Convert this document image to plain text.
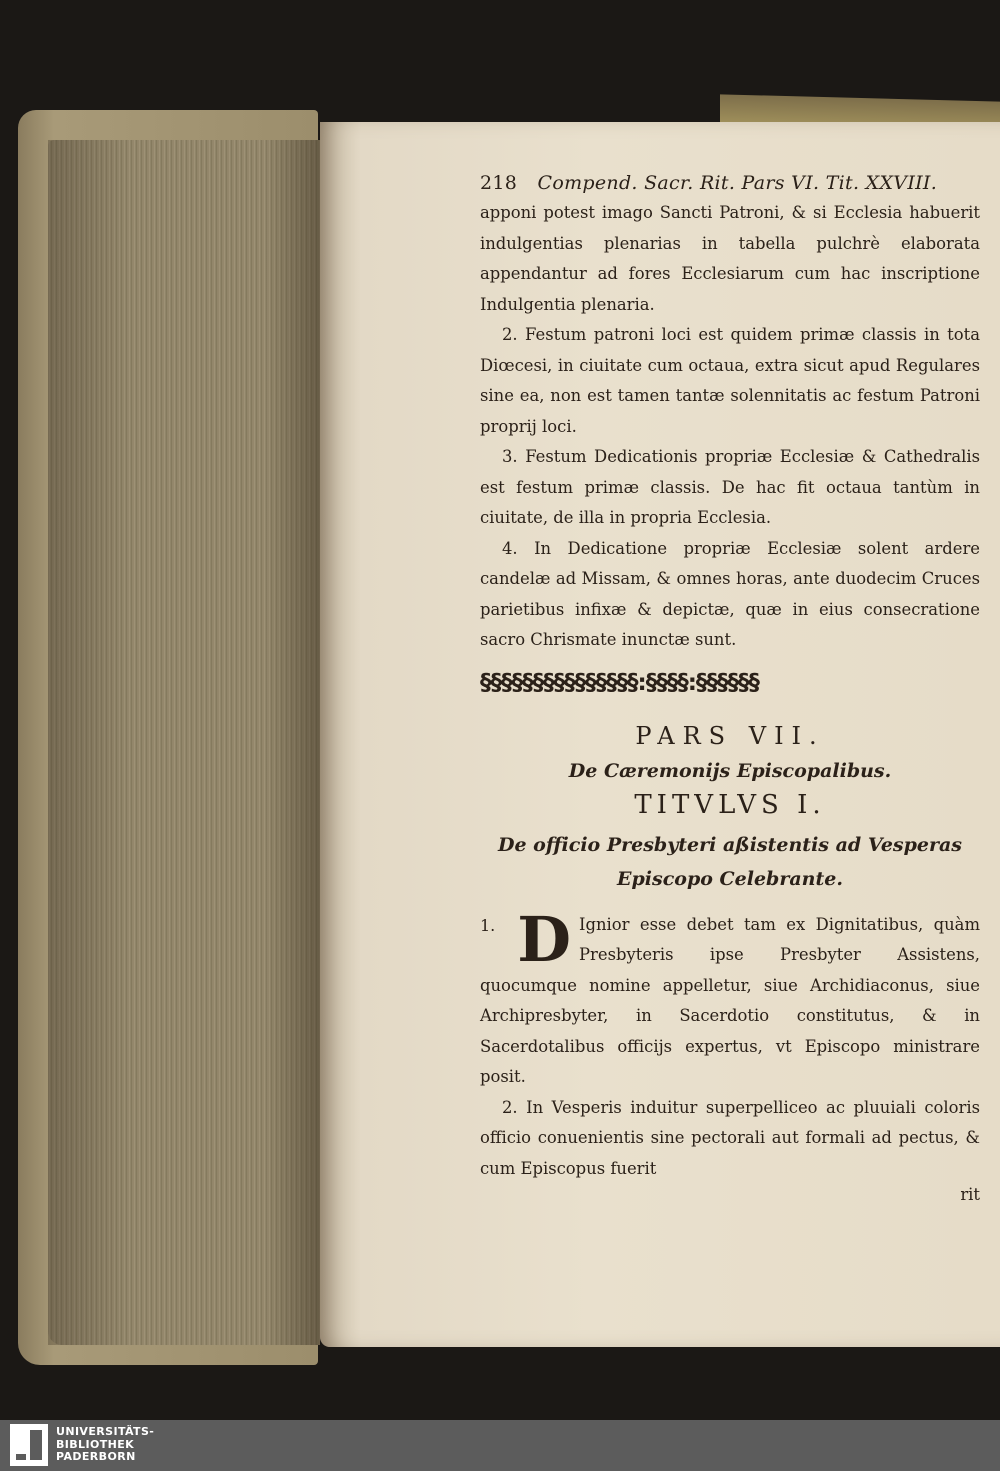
218 Compend. Sacr. Rit. Pars VI. Tit. XXVIII.
apponi potest imago Sancti Patroni, & si Ecclesia habuerit indulgentias plenarias in tabella pulchrè elaborata appendantur ad fores Ecclesiarum cum hac inscriptione Indulgentia plenaria.
2. Festum patroni loci est quidem primæ classis in tota Diœcesi, in ciuitate cum octaua, extra sicut apud Regulares sine ea, non est tamen tantæ solennitatis ac festum Patroni proprij loci.
3. Festum Dedicationis propriæ Ecclesiæ & Cathedralis est festum primæ classis. De hac fit octaua tantùm in ciuitate, de illa in propria Ecclesia.
4. In Dedicatione propriæ Ecclesiæ solent ardere candelæ ad Missam, & omnes horas, ante duodecim Cruces parietibus infixæ & depictæ, quæ in eius consecratione sacro Chrismate inunctæ sunt.
§§§§§§§§§§§§§§§:§§§§:§§§§§§
PARS VII.
De Cæremonijs Episcopalibus.
TITVLVS I.
De officio Presbyteri aßistentis ad Vesperas
Episcopo Celebrante.
1. D Ignior esse debet tam ex Dignitatibus, quàm Presbyteris ipse Presbyter Assistens, quocumque nomine appelletur, siue Archidiaconus, siue Archipresbyter, in Sacerdotio constitutus, & in Sacerdotalibus officijs expertus, vt Episcopo ministrare posit.
2. In Vesperis induitur superpelliceo ac pluuiali coloris officio conuenientis sine pectorali aut formali ad pectus, & cum Episcopus fuerit
rit
UNIVERSITÄTS-
BIBLIOTHEK
PADERBORN
